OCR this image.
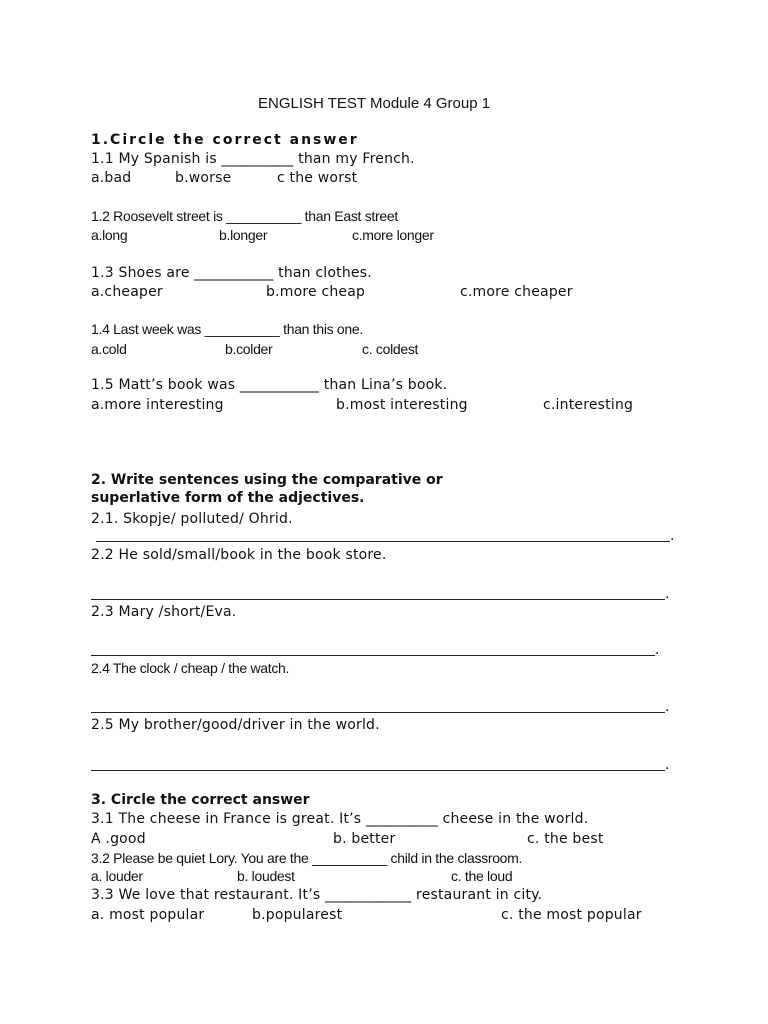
ENGLISH TEST Module 4 Group 1
1.Circle the correct answer
1.1 My Spanish is __________ than my French.
a.bad	b.worse	c the worst
1.2 Roosevelt street is __________ than East street
a.long	b.longer	c.more longer
1.3 Shoes are ___________ than clothes.
a.cheaper	b.more cheap	c.more cheaper
1.4 Last week was __________ than this one.
a.cold	b.colder	c. coldest
1.5 Matt’s book was ___________ than Lina’s book.
a.more interesting	b.most interesting	c.interesting
2. Write sentences using the comparative or
superlative form of the adjectives.
2.1. Skopje/ polluted/ Ohrid.
.
2.2 He sold/small/book in the book store.
.
2.3 Mary /short/Eva.
.
2.4 The clock / cheap / the watch.
.
2.5 My brother/good/driver in the world.
.
3. Circle the correct answer
3.1 The cheese in France is great. It’s __________ cheese in the world.
A .good	b. better	c. the best
3.2 Please be quiet Lory. You are the __________ child in the classroom.
a. louder	b. loudest	c. the loud
3.3 We love that restaurant. It’s ____________ restaurant in city.
a. most popular	b.popularest	c. the most popular
